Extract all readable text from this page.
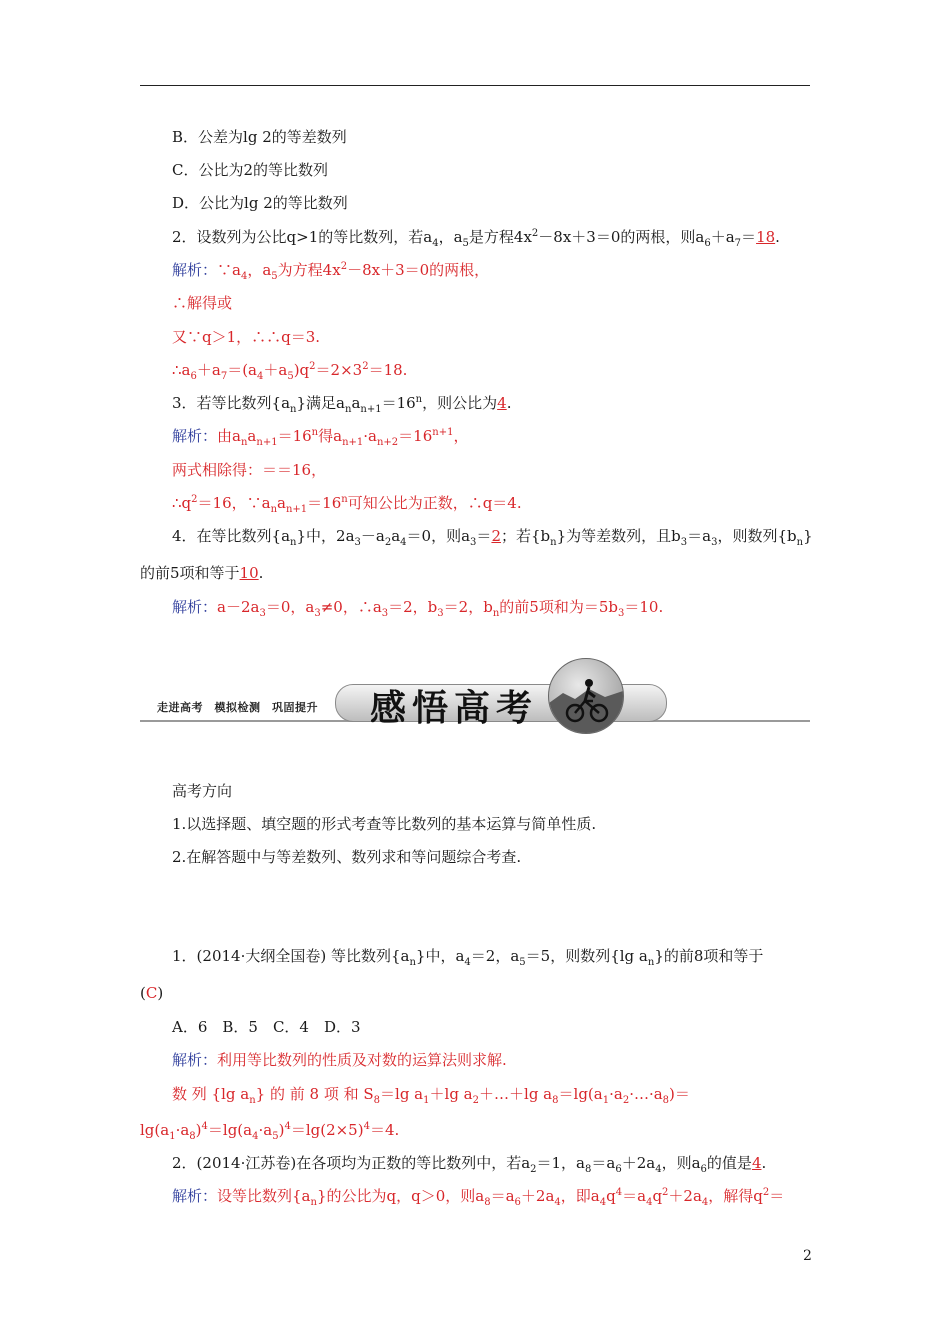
B．公差为lg 2的等差数列
C．公比为2的等比数列
D．公比为lg 2的等比数列
2．设数列为公比q>1的等比数列，若$a_4$，$a_5$是方程$4x^2-8x+3=0$的两根，则$a_6+a_7=18$.
解析：$\because a_4$，$a_5$为方程$4x^2-8x+3=0$的两根，
∴解得或
又∵q＞1，∴∴q＝3.
$\therefore a_6+a_7=(a_4+a_5)q^2=2\times 3^2=18$.
3．若等比数列$\{a_n\}$满足$a_na_{n+1}=16^n$，则公比为4.
解析：由$a_na_{n+1}=16^n$得$a_{n+1}\cdot a_{n+2}=16^{n+1}$，
两式相除得：＝＝16，
$\therefore q^2=16$，$\because a_na_{n+1}=16^n$可知公比为正数，∴q＝4.
4．在等比数列$\{a_n\}$中，$2a_3-a_2a_4=0$，则$a_3=2$；若$\{b_n\}$为等差数列，且$b_3=a_3$，则数列$\{b_n\}$
的前5项和等于10.
解析：$a-2a_3=0$，$a_3\ne 0$，$\therefore a_3=2$，$b_3=2$，$b_n$的前5项和为$=5b_3=10$.
走进高考　模拟检测　巩固提升 感悟高考
高考方向
1.以选择题、填空题的形式考查等比数列的基本运算与简单性质.
2.在解答题中与等差数列、数列求和等问题综合考查.
1．(2014·大纲全国卷) 等比数列$\{a_n\}$中，$a_4=2$，$a_5=5$，则数列{lg $a_n$}的前8项和等于
(C)
A．6　B．5　C．4　D．3
解析：利用等比数列的性质及对数的运算法则求解.
数 列 {lg $a_n$} 的 前 8 项 和 $S_8=\lg$ $a_1+\lg$ $a_2+\dots+\lg$ $a_8=\lg(a_1\cdot a_2\cdot\dots\cdot a_8)=$
$\lg(a_1\cdot a_8)^4=\lg(a_4\cdot a_5)^4=\lg(2\times 5)^4=4$.
2．(2014·江苏卷)在各项均为正数的等比数列中，若$a_2=1$，$a_8=a_6+2a_4$，则$a_6$的值是4.
解析：设等比数列$\{a_n\}$的公比为q，q＞0，则$a_8=a_6+2a_4$，即$a_4q^4=a_4q^2+2a_4$，解得$q^2=$
2
